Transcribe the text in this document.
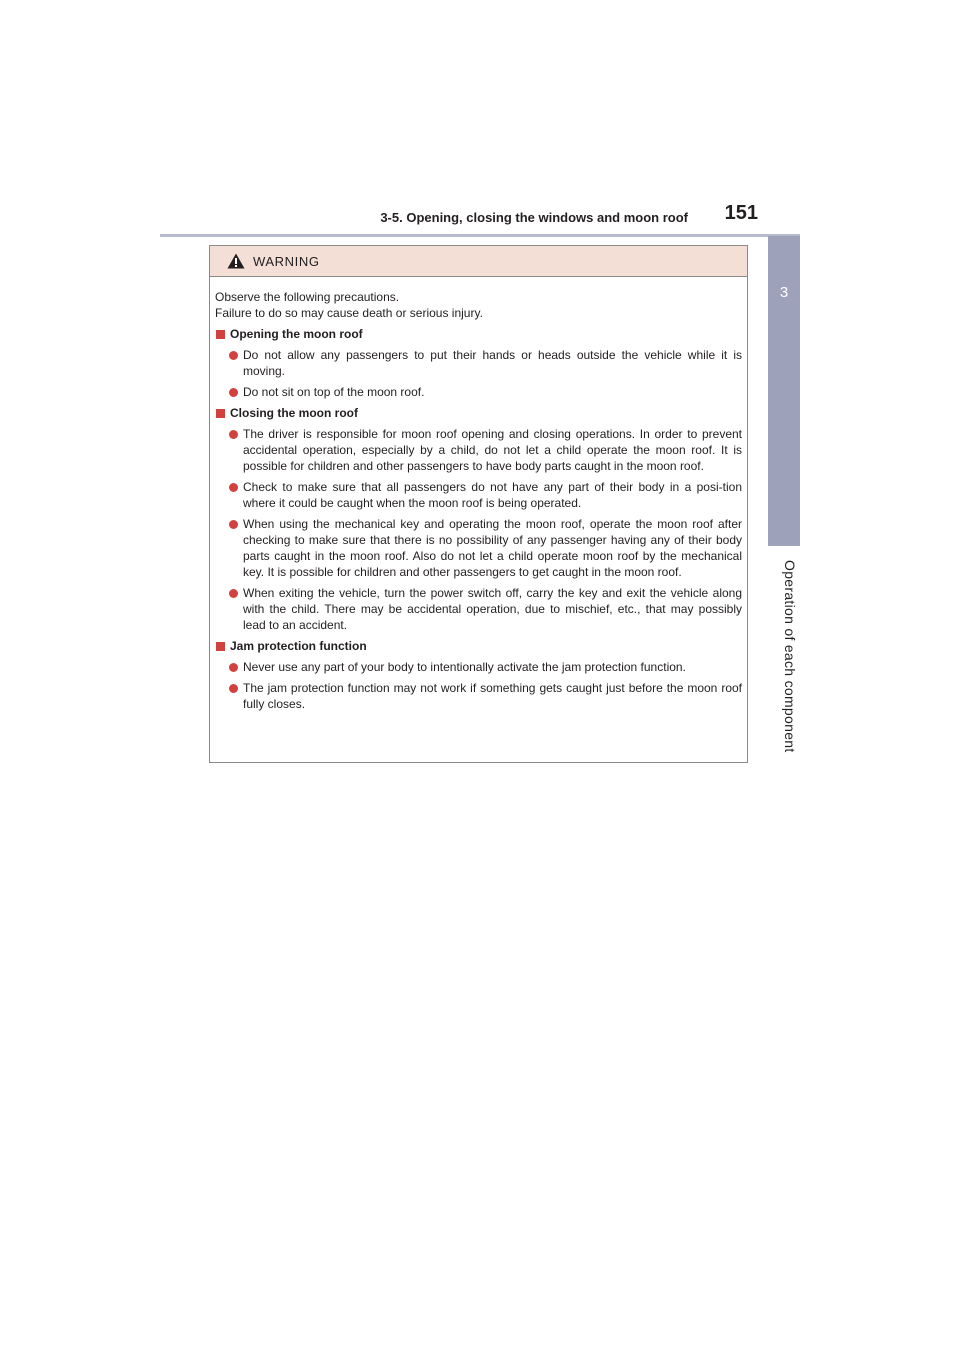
3-5. Opening, closing the windows and moon roof 151
3
Operation of each component
WARNING

Observe the following precautions.

Failure to do so may cause death or serious injury.

Opening the moon roof
Do not allow any passengers to put their hands or heads outside the vehicle while it is moving.
Do not sit on top of the moon roof.
Closing the moon roof
The driver is responsible for moon roof opening and closing operations. In order to prevent accidental operation, especially by a child, do not let a child operate the moon roof. It is possible for children and other passengers to have body parts caught in the moon roof.
Check to make sure that all passengers do not have any part of their body in a posi-tion where it could be caught when the moon roof is being operated.
When using the mechanical key and operating the moon roof, operate the moon roof after checking to make sure that there is no possibility of any passenger having any of their body parts caught in the moon roof. Also do not let a child operate moon roof by the mechanical key. It is possible for children and other passengers to get caught in the moon roof.
When exiting the vehicle, turn the power switch off, carry the key and exit the vehicle along with the child. There may be accidental operation, due to mischief, etc., that may possibly lead to an accident.
Jam protection function
Never use any part of your body to intentionally activate the jam protection function.
The jam protection function may not work if something gets caught just before the moon roof fully closes.
